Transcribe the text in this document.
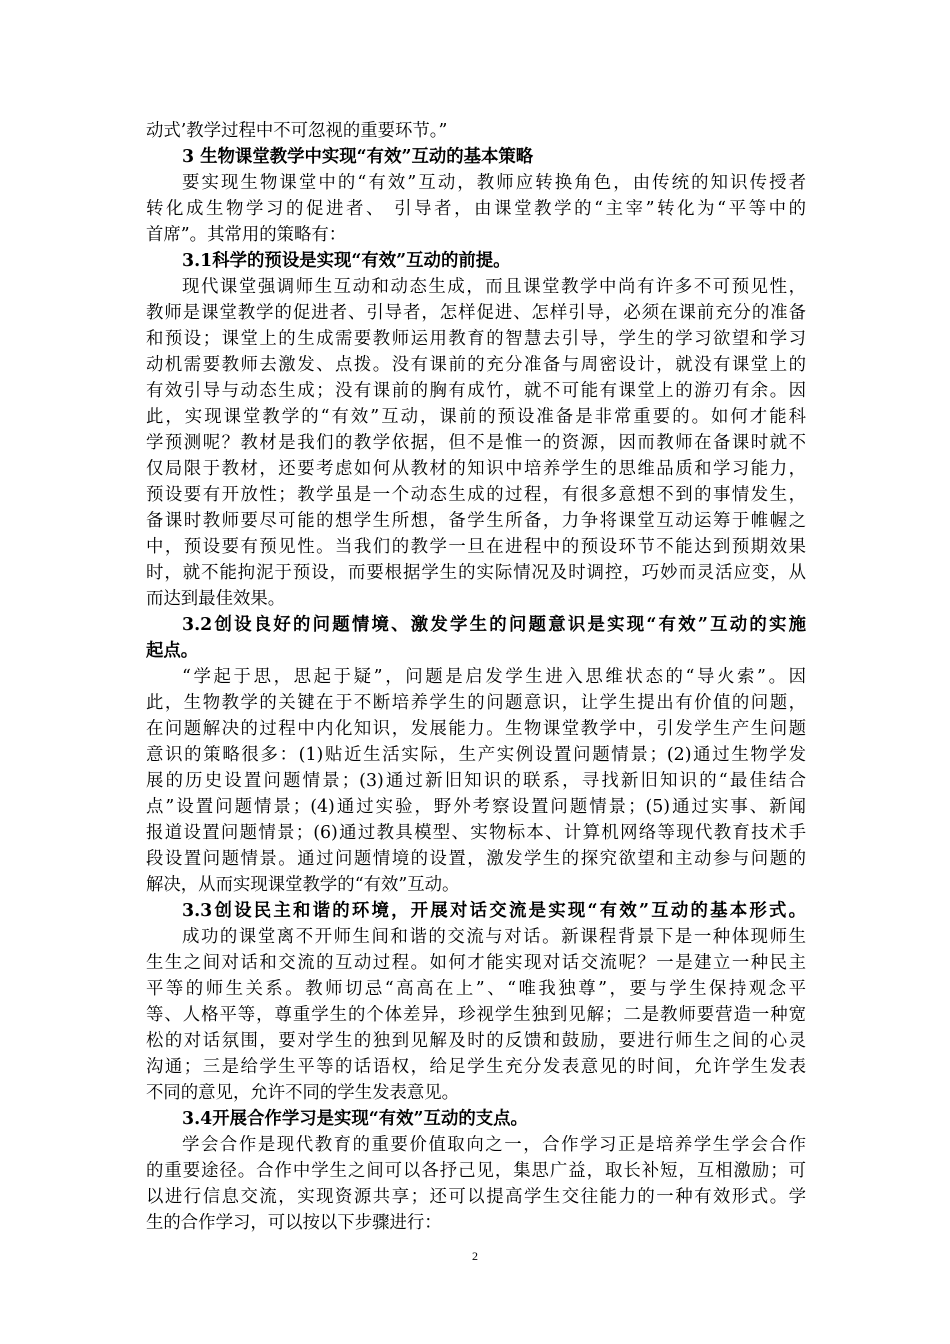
动式’教学过程中不可忽视的重要环节。”
3 生物课堂教学中实现“有效”互动的基本策略
要实现生物课堂中的“有效”互动，教师应转换角色，由传统的知识传授者
转化成生物学习的促进者、 引导者，由课堂教学的“主宰”转化为“平等中的
首席”。其常用的策略有：
3.1科学的预设是实现“有效”互动的前提。
现代课堂强调师生互动和动态生成，而且课堂教学中尚有许多不可预见性，
教师是课堂教学的促进者、引导者，怎样促进、怎样引导，必须在课前充分的准备
和预设；课堂上的生成需要教师运用教育的智慧去引导，学生的学习欲望和学习
动机需要教师去激发、点拨。没有课前的充分准备与周密设计，就没有课堂上的
有效引导与动态生成；没有课前的胸有成竹，就不可能有课堂上的游刃有余。因
此，实现课堂教学的“有效”互动，课前的预设准备是非常重要的。如何才能科
学预测呢？教材是我们的教学依据，但不是惟一的资源，因而教师在备课时就不
仅局限于教材，还要考虑如何从教材的知识中培养学生的思维品质和学习能力，
预设要有开放性；教学虽是一个动态生成的过程，有很多意想不到的事情发生，
备课时教师要尽可能的想学生所想，备学生所备，力争将课堂互动运筹于帷幄之
中，预设要有预见性。当我们的教学一旦在进程中的预设环节不能达到预期效果
时，就不能拘泥于预设，而要根据学生的实际情况及时调控，巧妙而灵活应变，从
而达到最佳效果。
3.2创设良好的问题情境、激发学生的问题意识是实现“有效”互动的实施
起点。
“学起于思，思起于疑”，问题是启发学生进入思维状态的“导火索”。因
此，生物教学的关键在于不断培养学生的问题意识，让学生提出有价值的问题，
在问题解决的过程中内化知识，发展能力。生物课堂教学中，引发学生产生问题
意识的策略很多：(1)贴近生活实际，生产实例设置问题情景；(2)通过生物学发
展的历史设置问题情景；(3)通过新旧知识的联系，寻找新旧知识的“最佳结合
点”设置问题情景；(4)通过实验，野外考察设置问题情景；(5)通过实事、新闻
报道设置问题情景；(6)通过教具模型、实物标本、计算机网络等现代教育技术手
段设置问题情景。通过问题情境的设置，激发学生的探究欲望和主动参与问题的
解决，从而实现课堂教学的“有效”互动。
3.3创设民主和谐的环境，开展对话交流是实现“有效”互动的基本形式。
成功的课堂离不开师生间和谐的交流与对话。新课程背景下是一种体现师生
生生之间对话和交流的互动过程。如何才能实现对话交流呢？一是建立一种民主
平等的师生关系。教师切忌“高高在上”、“唯我独尊”，要与学生保持观念平
等、人格平等，尊重学生的个体差异，珍视学生独到见解；二是教师要营造一种宽
松的对话氛围，要对学生的独到见解及时的反馈和鼓励，要进行师生之间的心灵
沟通；三是给学生平等的话语权，给足学生充分发表意见的时间，允许学生发表
不同的意见，允许不同的学生发表意见。
3.4开展合作学习是实现“有效”互动的支点。
学会合作是现代教育的重要价值取向之一，合作学习正是培养学生学会合作
的重要途径。合作中学生之间可以各抒己见，集思广益，取长补短，互相激励；可
以进行信息交流，实现资源共享；还可以提高学生交往能力的一种有效形式。学
生的合作学习，可以按以下步骤进行：
2
